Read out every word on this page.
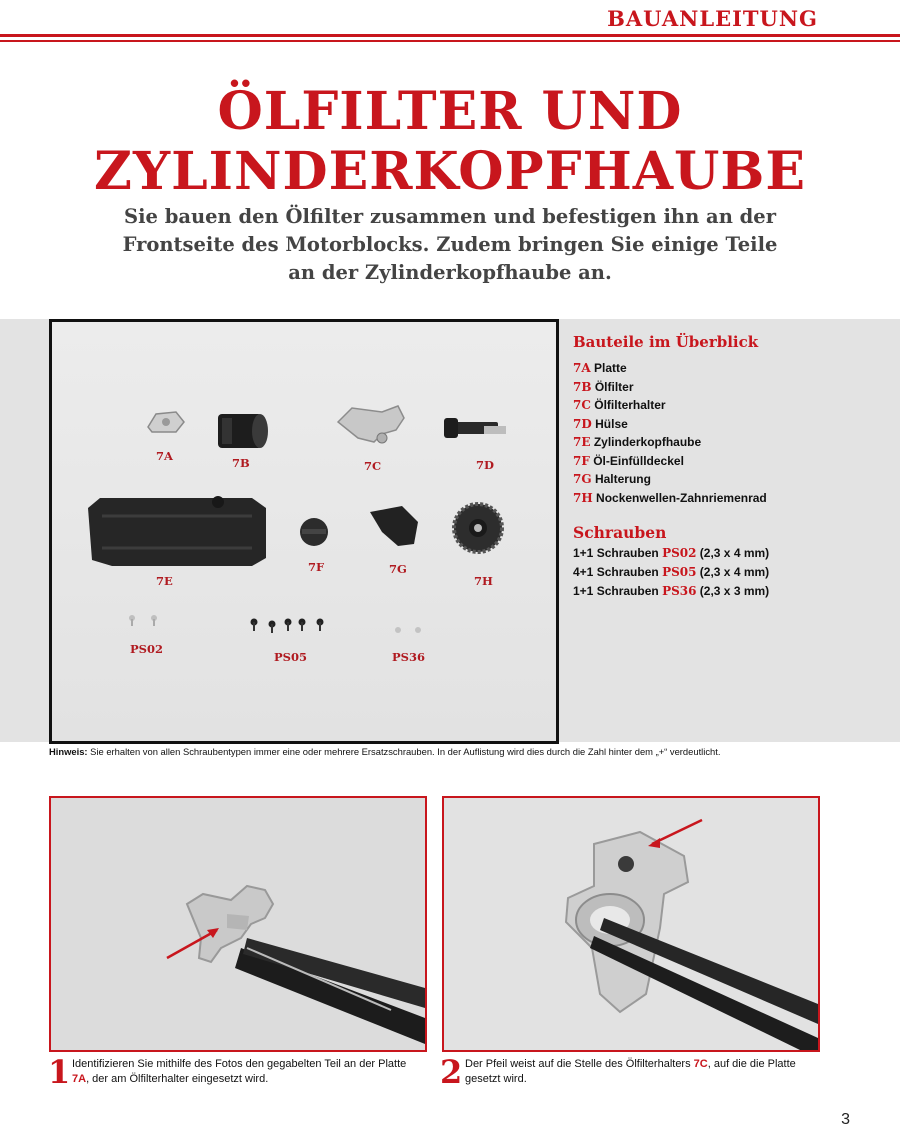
BAUANLEITUNG
ÖLFILTER UND
ZYLINDERKOPFHAUBE

Sie bauen den Ölfilter zusammen und befestigen ihn an der
Frontseite des Motorblocks. Zudem bringen Sie einige Teile
an der Zylinderkopfhaube an.

7A	7B	7C	7D
7E
7F	7G
7H
PS02
PS05	PS36
Bauteile im Überblick
7A Platte
7B Ölfilter
7C Ölfilterhalter
7D Hülse
7E Zylinderkopfhaube
7F Öl-Einfülldeckel
7G Halterung
7H Nockenwellen-Zahnriemenrad
Schrauben
1+1 Schrauben PS02 (2,3 x 4 mm)
4+1 Schrauben PS05 (2,3 x 4 mm)
1+1 Schrauben PS36 (2,3 x 3 mm)
Hinweis: Sie erhalten von allen Schraubentypen immer eine oder mehrere Ersatzschrauben. In der Auflistung wird dies durch die Zahl hinter dem „+“ verdeutlicht.
1 Identifizieren Sie mithilfe des Fotos den gegabelten Teil an der Platte 7A, der am Ölfilterhalter eingesetzt wird.	2 Der Pfeil weist auf die Stelle des Ölfilterhalters 7C, auf die die Platte gesetzt wird.
3
